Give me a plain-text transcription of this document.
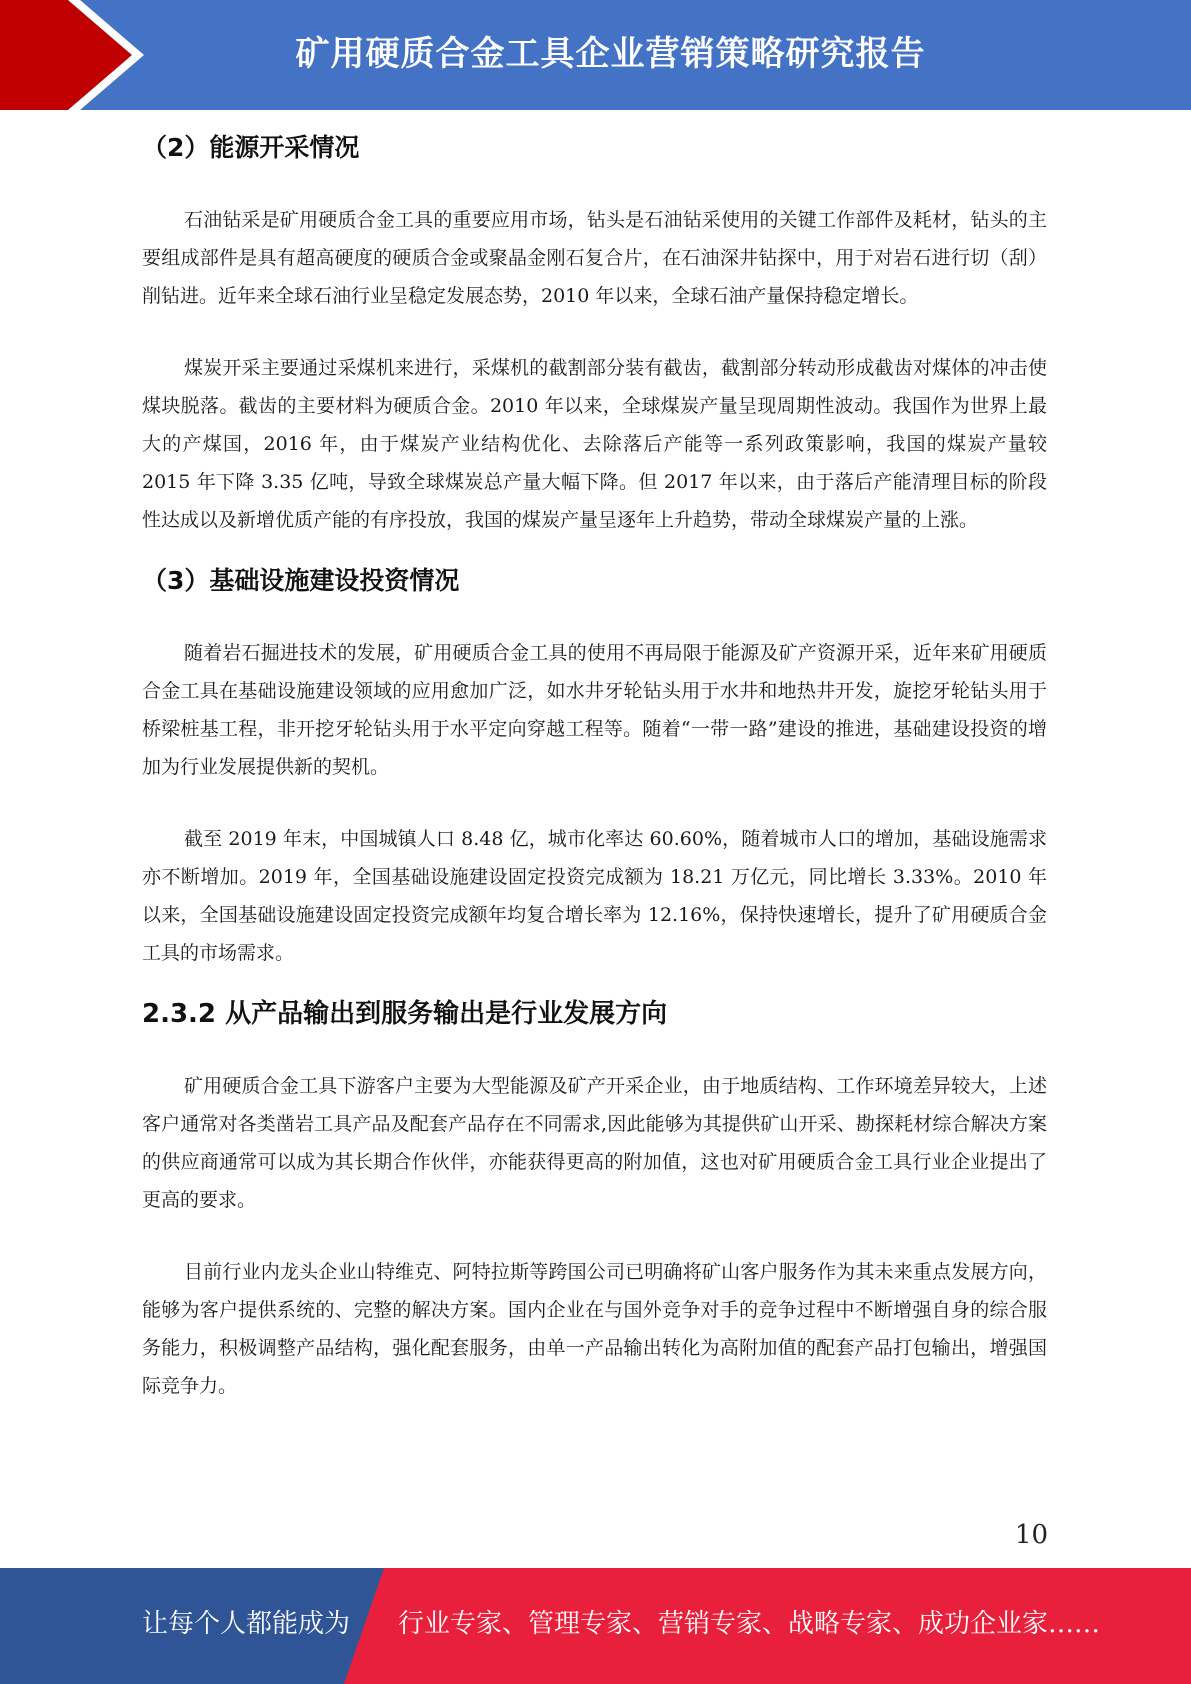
矿用硬质合金工具企业营销策略研究报告
（2）能源开采情况

石油钻采是矿用硬质合金工具的重要应用市场，钻头是石油钻采使用的关键工作部件及耗材，钻头的主要组成部件是具有超高硬度的硬质合金或聚晶金刚石复合片，在石油深井钻探中，用于对岩石进行切（刮）削钻进。近年来全球石油行业呈稳定发展态势，2010 年以来，全球石油产量保持稳定增长。

煤炭开采主要通过采煤机来进行，采煤机的截割部分装有截齿，截割部分转动形成截齿对煤体的冲击使煤块脱落。截齿的主要材料为硬质合金。2010 年以来，全球煤炭产量呈现周期性波动。我国作为世界上最大的产煤国，2016 年，由于煤炭产业结构优化、去除落后产能等一系列政策影响，我国的煤炭产量较 2015 年下降 3.35 亿吨，导致全球煤炭总产量大幅下降。但 2017 年以来，由于落后产能清理目标的阶段性达成以及新增优质产能的有序投放，我国的煤炭产量呈逐年上升趋势，带动全球煤炭产量的上涨。

（3）基础设施建设投资情况

随着岩石掘进技术的发展，矿用硬质合金工具的使用不再局限于能源及矿产资源开采，近年来矿用硬质合金工具在基础设施建设领域的应用愈加广泛，如水井牙轮钻头用于水井和地热井开发，旋挖牙轮钻头用于桥梁桩基工程，非开挖牙轮钻头用于水平定向穿越工程等。随着“一带一路”建设的推进，基础建设投资的增加为行业发展提供新的契机。

截至 2019 年末，中国城镇人口 8.48 亿，城市化率达 60.60%，随着城市人口的增加，基础设施需求亦不断增加。2019 年，全国基础设施建设固定投资完成额为 18.21 万亿元，同比增长 3.33%。2010 年以来，全国基础设施建设固定投资完成额年均复合增长率为 12.16%，保持快速增长，提升了矿用硬质合金工具的市场需求。

2.3.2 从产品输出到服务输出是行业发展方向

矿用硬质合金工具下游客户主要为大型能源及矿产开采企业，由于地质结构、工作环境差异较大，上述客户通常对各类凿岩工具产品及配套产品存在不同需求,因此能够为其提供矿山开采、勘探耗材综合解决方案的供应商通常可以成为其长期合作伙伴，亦能获得更高的附加值，这也对矿用硬质合金工具行业企业提出了更高的要求。

目前行业内龙头企业山特维克、阿特拉斯等跨国公司已明确将矿山客户服务作为其未来重点发展方向，能够为客户提供系统的、完整的解决方案。国内企业在与国外竞争对手的竞争过程中不断增强自身的综合服务能力，积极调整产品结构，强化配套服务，由单一产品输出转化为高附加值的配套产品打包输出，增强国际竞争力。

10
让每个人都能成为 行业专家、管理专家、营销专家、战略专家、成功企业家……
